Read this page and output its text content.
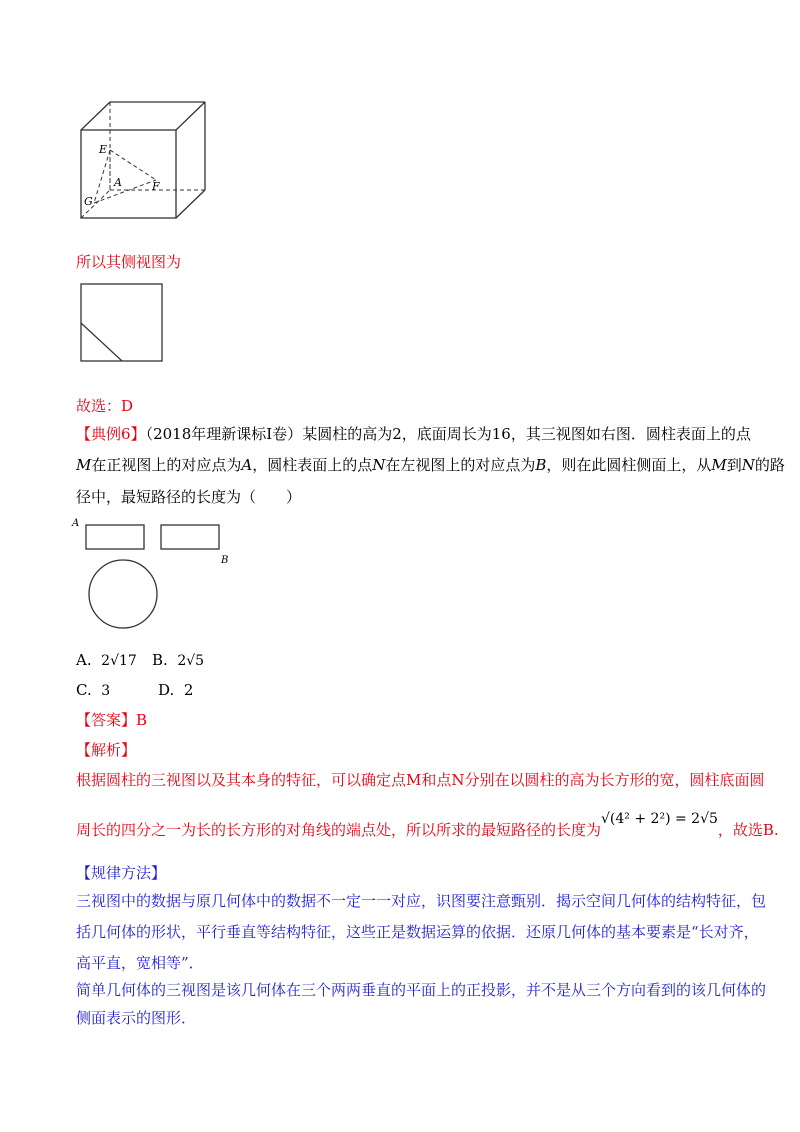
E
A	F
G
所以其侧视图为
故选：D
【典例6】（2018年理新课标Ⅰ卷）某圆柱的高为2，底面周长为16，其三视图如右图．圆柱表面上的点
M在正视图上的对应点为A，圆柱表面上的点N在左视图上的对应点为B，则在此圆柱侧面上，从M到N的路
径中，最短路径的长度为（　　）
A
B
A. 2√17 B. 2√5
C. 3	D. 2
【答案】B
【解析】
根据圆柱的三视图以及其本身的特征，可以确定点M和点N分别在以圆柱的高为长方形的宽，圆柱底面圆
周长的四分之一为长的长方形的对角线的端点处，所以所求的最短路径的长度为√(4² + 2²) = 2√5，故选B.
【规律方法】
三视图中的数据与原几何体中的数据不一定一一对应，识图要注意甄别．揭示空间几何体的结构特征，包
括几何体的形状，平行垂直等结构特征，这些正是数据运算的依据．还原几何体的基本要素是“长对齐，
高平直，宽相等”．
简单几何体的三视图是该几何体在三个两两垂直的平面上的正投影，并不是从三个方向看到的该几何体的
侧面表示的图形．
